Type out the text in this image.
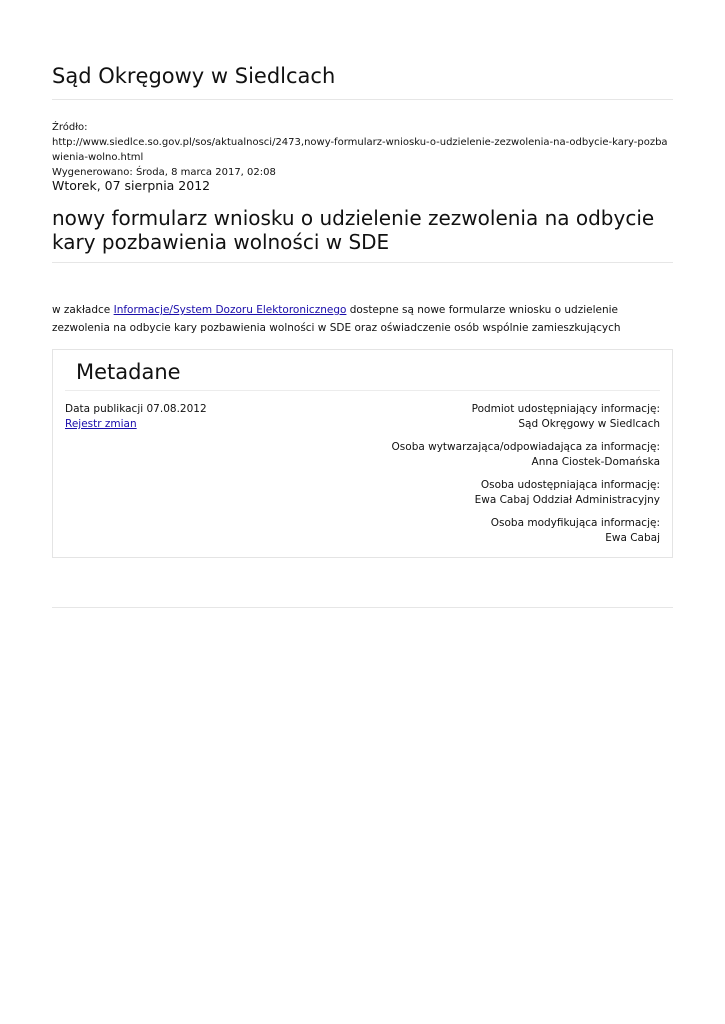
Sąd Okręgowy w Siedlcach
Źródło:
http://www.siedlce.so.gov.pl/sos/aktualnosci/2473,nowy-formularz-wniosku-o-udzielenie-zezwolenia-na-odbycie-kary-pozbawienia-wolno.html
Wygenerowano: Środa, 8 marca 2017, 02:08
Wtorek, 07 sierpnia 2012
nowy formularz wniosku o udzielenie zezwolenia na odbycie kary pozbawienia wolności w SDE
w zakładce Informacje/System Dozoru Elektoronicznego dostepne są nowe formularze wniosku o udzielenie zezwolenia na odbycie kary pozbawienia wolności w SDE oraz oświadczenie osób wspólnie zamieszkujących
Metadane
Data publikacji 07.08.2012
Rejestr zmian
Podmiot udostępniający informację:
Sąd Okręgowy w Siedlcach
Osoba wytwarzająca/odpowiadająca za informację:
Anna Ciostek-Domańska
Osoba udostępniająca informację:
Ewa Cabaj Oddział Administracyjny
Osoba modyfikująca informację:
Ewa Cabaj
